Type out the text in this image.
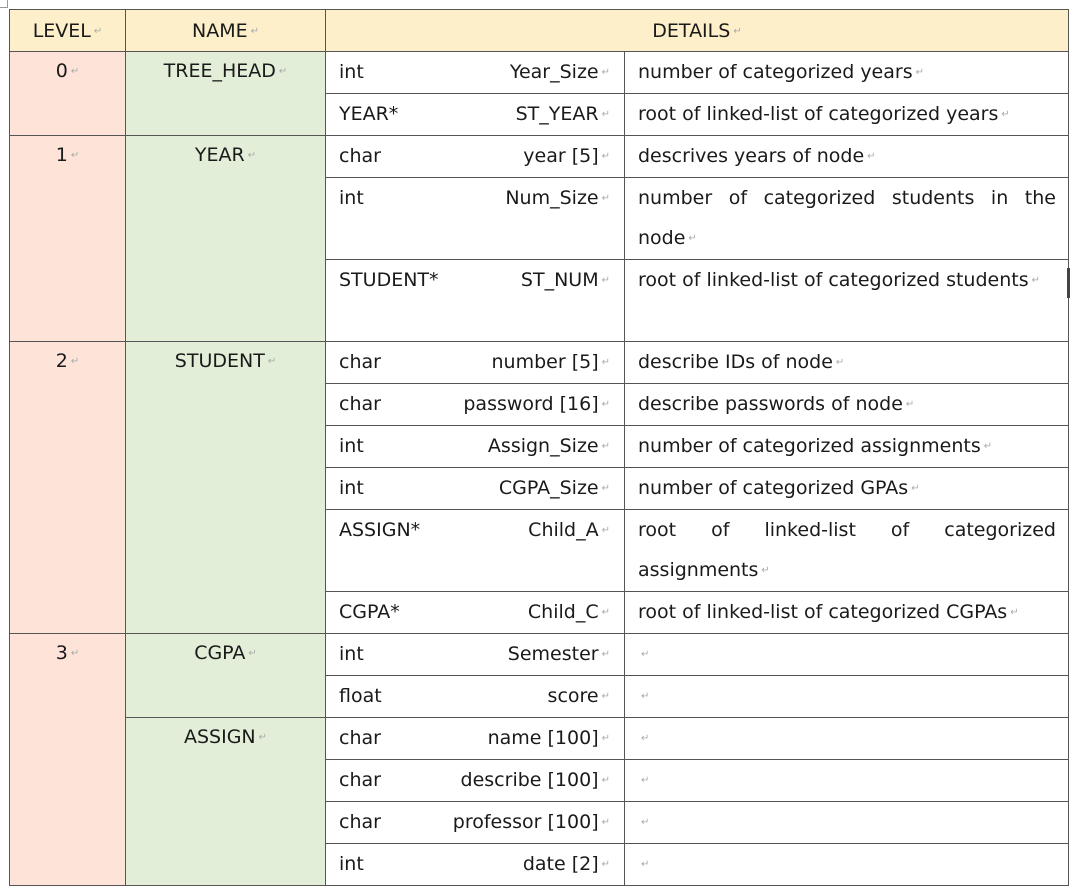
LEVEL ↵	NAME ↵	DETAILS ↵	
0 ↵	TREE_HEAD ↵	int Year_Size ↵	number of categorized years ↵

		YEAR* ST_YEAR ↵	root of linked-list of categorized years ↵

1 ↵	YEAR ↵	char year [5] ↵	descrives years of node ↵

		int Num_Size ↵	number of categorized students in the node ↵

		STUDENT* ST_NUM ↵	root of linked-list of categorized students ↵

2 ↵	STUDENT ↵	char number [5] ↵	describe IDs of node ↵

		char password [16] ↵	describe passwords of node ↵

		int Assign_Size ↵	number of categorized assignments ↵

		int CGPA_Size ↵	number of categorized GPAs ↵

		ASSIGN* Child_A ↵	root of linked-list of categorized assignments ↵

		CGPA* Child_C ↵	root of linked-list of categorized CGPAs ↵

3 ↵	CGPA ↵	int Semester ↵	↵

		float score ↵	↵

	ASSIGN ↵	char name [100] ↵	↵

		char describe [100] ↵	↵

		char professor [100] ↵	↵

		int date [2] ↵	↵
